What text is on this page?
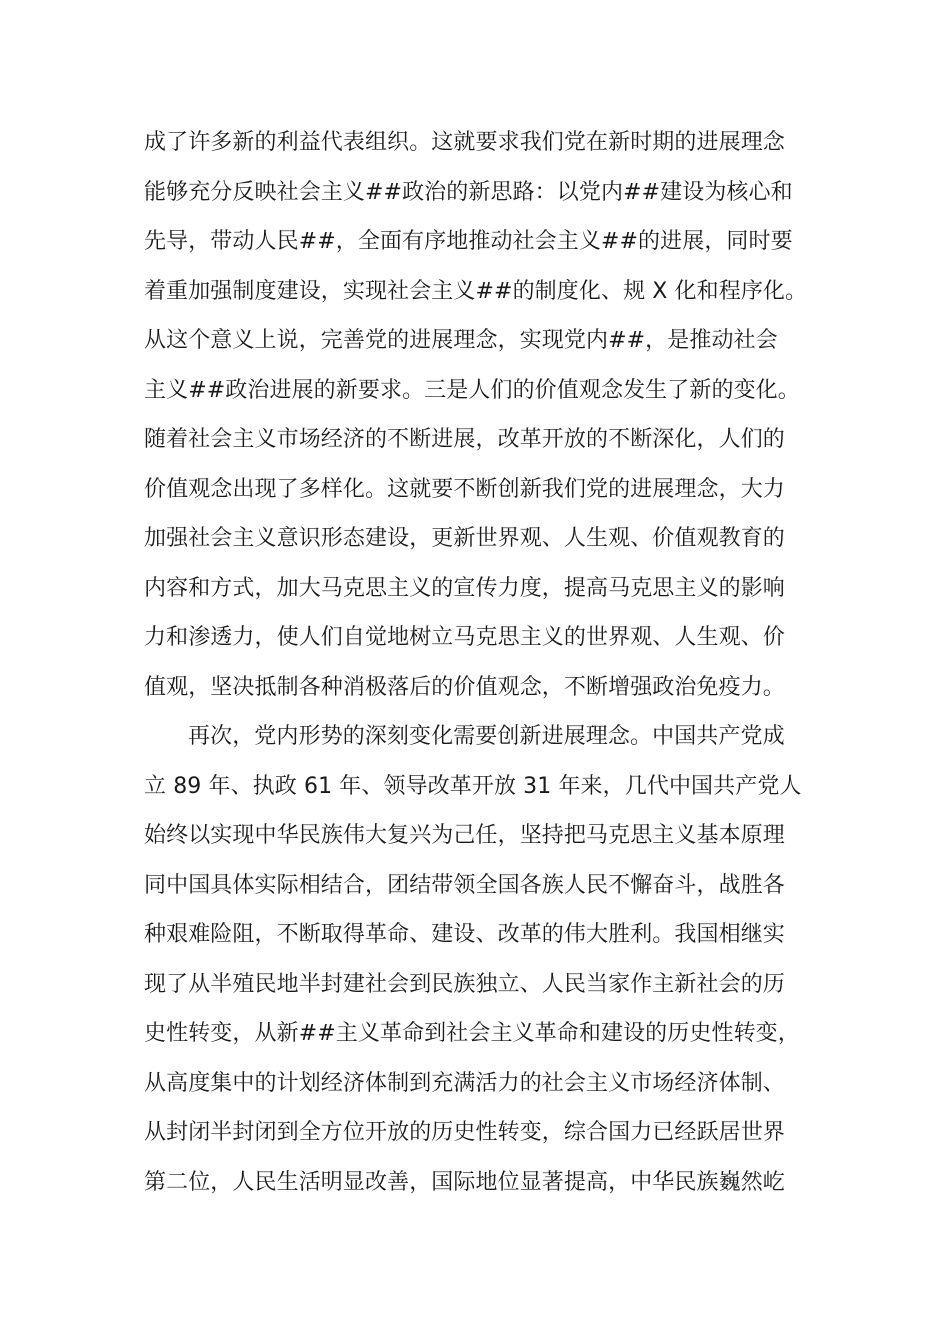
成了许多新的利益代表组织。这就要求我们党在新时期的进展理念
能够充分反映社会主义##政治的新思路：以党内##建设为核心和
先导，带动人民##，全面有序地推动社会主义##的进展，同时要
着重加强制度建设，实现社会主义##的制度化、规 X 化和程序化。
从这个意义上说，完善党的进展理念，实现党内##，是推动社会
主义##政治进展的新要求。三是人们的价值观念发生了新的变化。
随着社会主义市场经济的不断进展，改革开放的不断深化，人们的
价值观念出现了多样化。这就要不断创新我们党的进展理念，大力
加强社会主义意识形态建设，更新世界观、人生观、价值观教育的
内容和方式，加大马克思主义的宣传力度，提高马克思主义的影响
力和渗透力，使人们自觉地树立马克思主义的世界观、人生观、价
值观，坚决抵制各种消极落后的价值观念，不断增强政治免疫力。
再次，党内形势的深刻变化需要创新进展理念。中国共产党成
立 89 年、执政 61 年、领导改革开放 31 年来，几代中国共产党人
始终以实现中华民族伟大复兴为己任，坚持把马克思主义基本原理
同中国具体实际相结合，团结带领全国各族人民不懈奋斗，战胜各
种艰难险阻，不断取得革命、建设、改革的伟大胜利。我国相继实
现了从半殖民地半封建社会到民族独立、人民当家作主新社会的历
史性转变，从新##主义革命到社会主义革命和建设的历史性转变，
从高度集中的计划经济体制到充满活力的社会主义市场经济体制、
从封闭半封闭到全方位开放的历史性转变，综合国力已经跃居世界
第二位，人民生活明显改善，国际地位显著提高，中华民族巍然屹
